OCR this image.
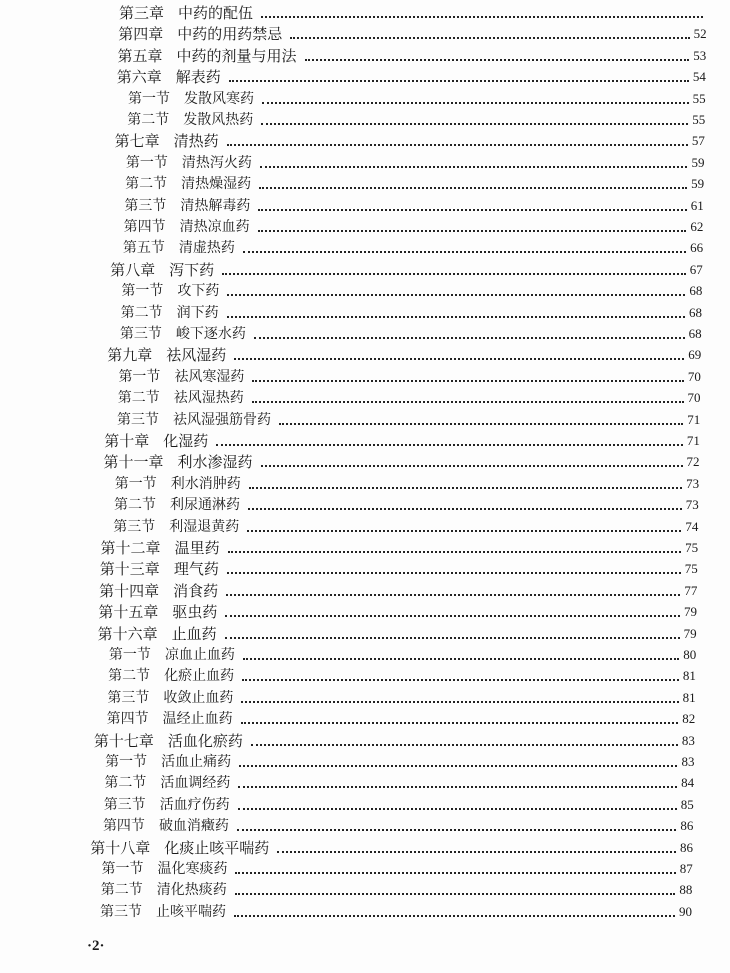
第三章 中药的配伍
第四章 中药的用药禁忌	52
第五章 中药的剂量与用法	53
第六章 解表药	54
第一节 发散风寒药	55
第二节 发散风热药	55
第七章 清热药	57
第一节 清热泻火药	59
第二节 清热燥湿药	59
第三节 清热解毒药	61
第四节 清热凉血药	62
第五节 清虚热药	66
第八章 泻下药	67
第一节 攻下药	68
第二节 润下药	68
第三节 峻下逐水药	68
第九章 祛风湿药	69
第一节 祛风寒湿药	70
第二节 祛风湿热药	70
第三节 祛风湿强筋骨药	71
第十章 化湿药	71
第十一章 利水渗湿药	72
第一节 利水消肿药	73
第二节 利尿通淋药	73
第三节 利湿退黄药	74
第十二章 温里药	75
第十三章 理气药	75
第十四章 消食药	77
第十五章 驱虫药	79
第十六章 止血药	79
第一节 凉血止血药	80
第二节 化瘀止血药	81
第三节 收敛止血药	81
第四节 温经止血药	82
第十七章 活血化瘀药	83
第一节 活血止痛药	83
第二节 活血调经药	84
第三节 活血疗伤药	85
第四节 破血消癥药	86
第十八章 化痰止咳平喘药	86
第一节 温化寒痰药	87
第二节 清化热痰药	88
第三节 止咳平喘药	90
·2·
